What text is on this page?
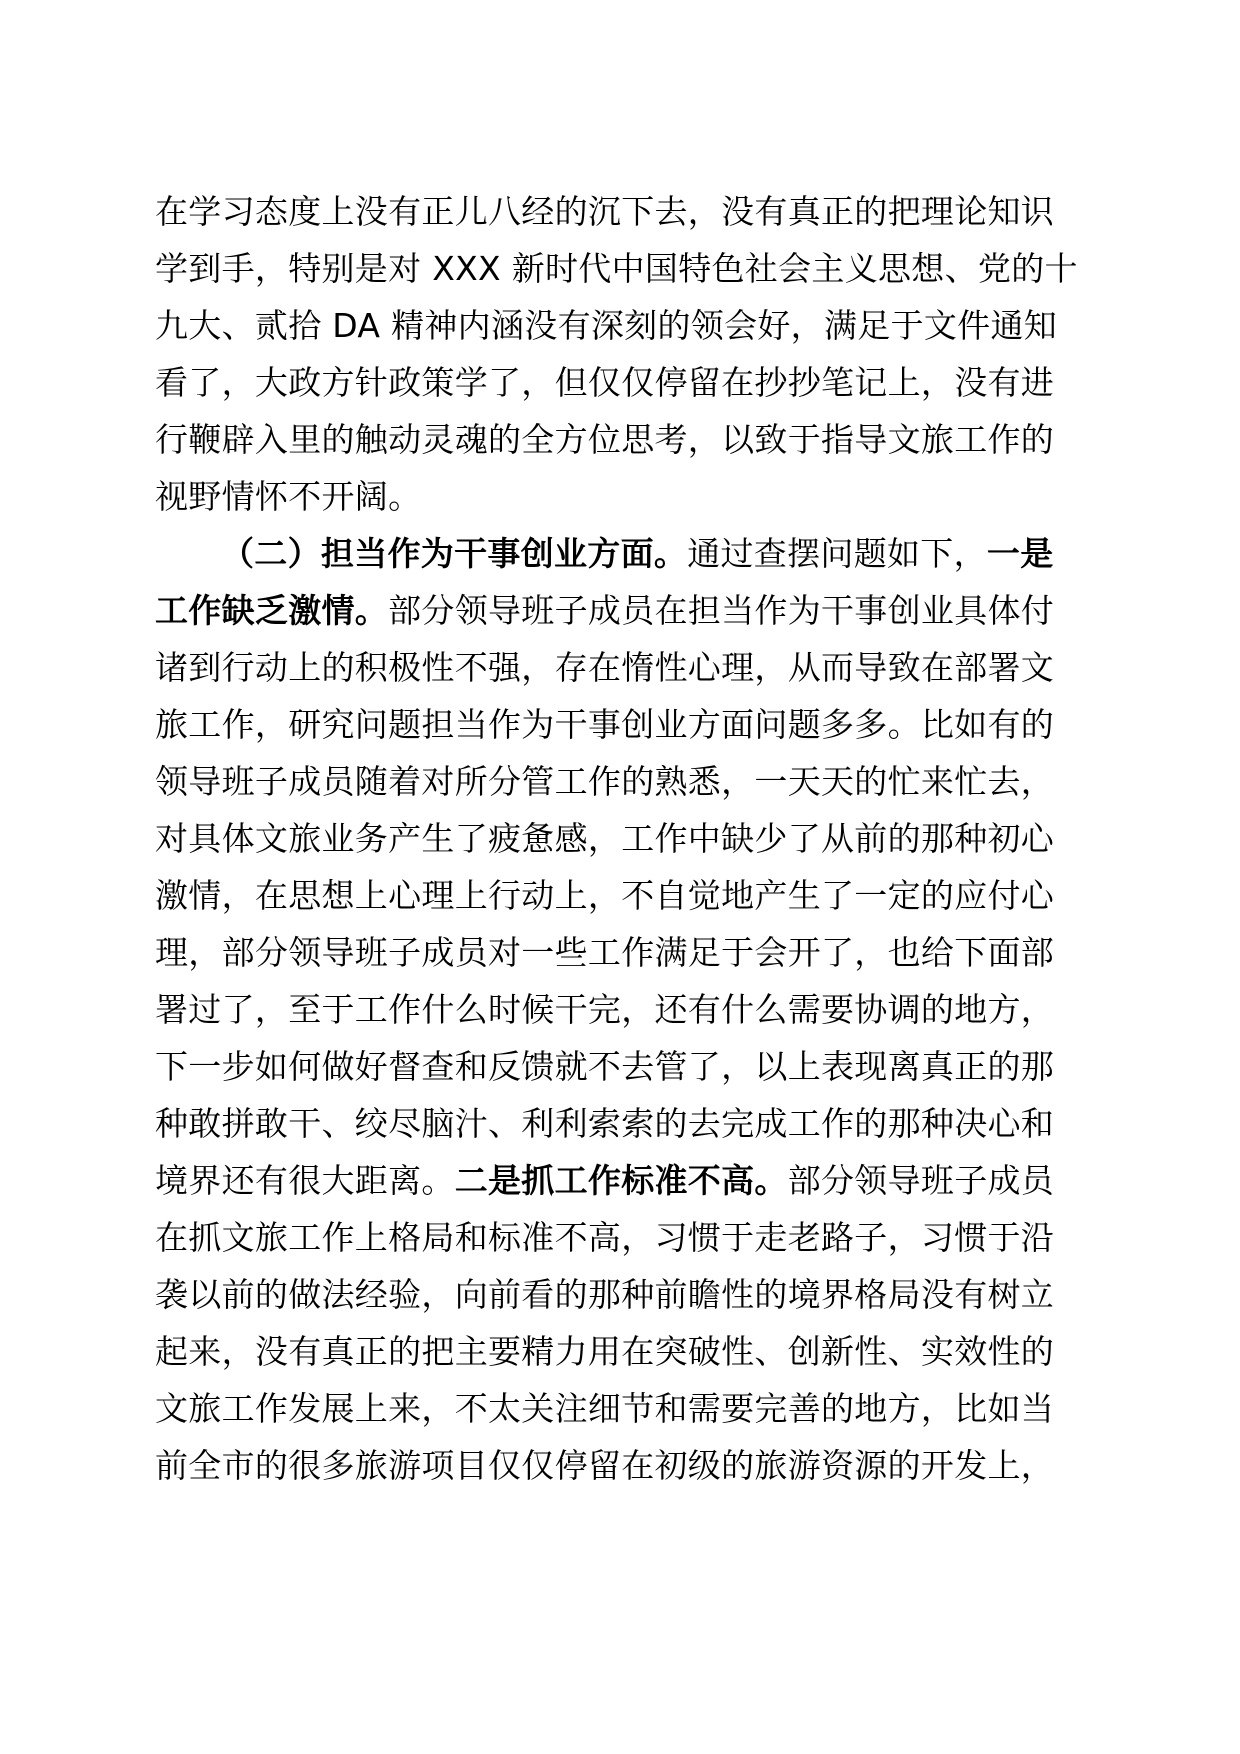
在学习态度上没有正儿八经的沉下去，没有真正的把理论知识
学到手，特别是对 XXX 新时代中国特色社会主义思想、党的十
九大、贰拾 DA 精神内涵没有深刻的领会好，满足于文件通知
看了，大政方针政策学了，但仅仅停留在抄抄笔记上，没有进
行鞭辟入里的触动灵魂的全方位思考，以致于指导文旅工作的
视野情怀不开阔。

（二）担当作为干事创业方面。通过查摆问题如下，一是
工作缺乏激情。部分领导班子成员在担当作为干事创业具体付
诸到行动上的积极性不强，存在惰性心理，从而导致在部署文
旅工作，研究问题担当作为干事创业方面问题多多。比如有的
领导班子成员随着对所分管工作的熟悉，一天天的忙来忙去，
对具体文旅业务产生了疲惫感，工作中缺少了从前的那种初心
激情，在思想上心理上行动上，不自觉地产生了一定的应付心
理，部分领导班子成员对一些工作满足于会开了，也给下面部
署过了，至于工作什么时候干完，还有什么需要协调的地方，
下一步如何做好督查和反馈就不去管了，以上表现离真正的那
种敢拼敢干、绞尽脑汁、利利索索的去完成工作的那种决心和
境界还有很大距离。二是抓工作标准不高。部分领导班子成员
在抓文旅工作上格局和标准不高，习惯于走老路子，习惯于沿
袭以前的做法经验，向前看的那种前瞻性的境界格局没有树立
起来，没有真正的把主要精力用在突破性、创新性、实效性的
文旅工作发展上来，不太关注细节和需要完善的地方，比如当
前全市的很多旅游项目仅仅停留在初级的旅游资源的开发上，
